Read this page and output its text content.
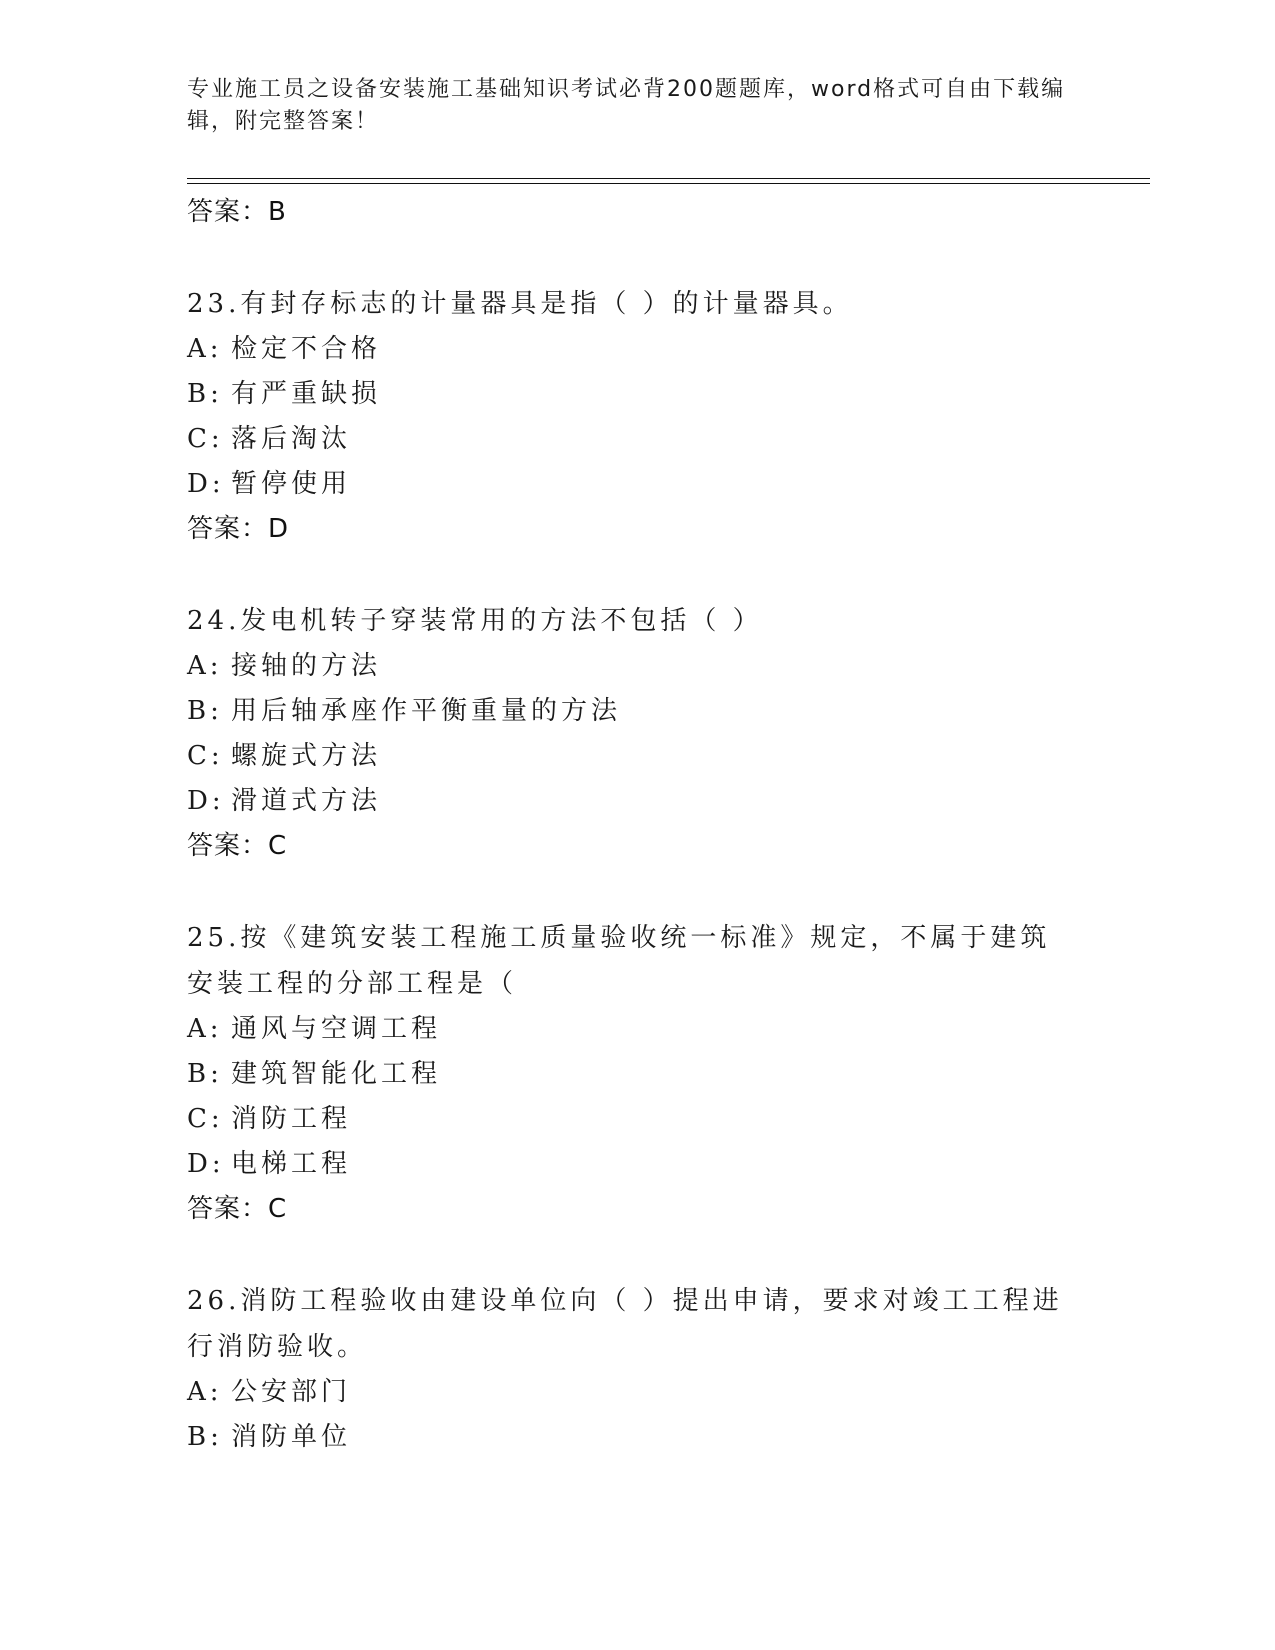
专业施工员之设备安装施工基础知识考试必背200题题库，word格式可自由下载编辑，附完整答案！
答案：B
23.有封存标志的计量器具是指（ ）的计量器具。
A: 检定不合格
B: 有严重缺损
C: 落后淘汰
D: 暂停使用
答案：D
24.发电机转子穿装常用的方法不包括（ ）
A: 接轴的方法
B: 用后轴承座作平衡重量的方法
C: 螺旋式方法
D: 滑道式方法
答案：C
25.按《建筑安装工程施工质量验收统一标准》规定，不属于建筑安装工程的分部工程是（
A: 通风与空调工程
B: 建筑智能化工程
C: 消防工程
D: 电梯工程
答案：C
26.消防工程验收由建设单位向（ ）提出申请，要求对竣工工程进行消防验收。
A: 公安部门
B: 消防单位
